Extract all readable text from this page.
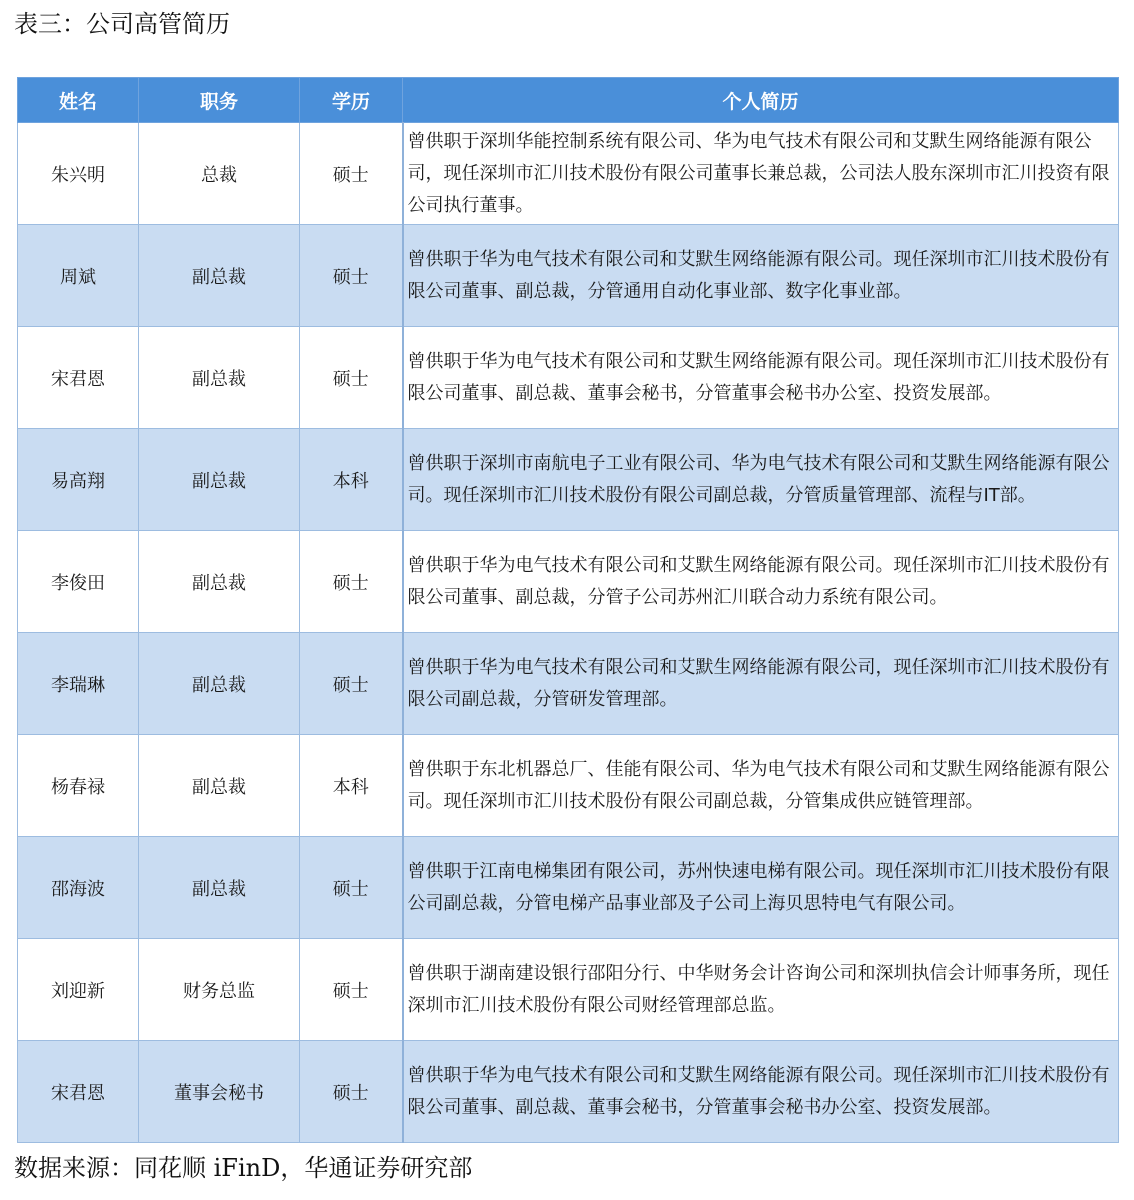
表三：公司高管简历
姓名	职务	学历	个人简历
朱兴明	总裁	硕士	曾供职于深圳华能控制系统有限公司、华为电气技术有限公司和艾默生网络能源有限公司，现任深圳市汇川技术股份有限公司董事长兼总裁，公司法人股东深圳市汇川投资有限公司执行董事。
周斌	副总裁	硕士	曾供职于华为电气技术有限公司和艾默生网络能源有限公司。现任深圳市汇川技术股份有限公司董事、副总裁，分管通用自动化事业部、数字化事业部。
宋君恩	副总裁	硕士	曾供职于华为电气技术有限公司和艾默生网络能源有限公司。现任深圳市汇川技术股份有限公司董事、副总裁、董事会秘书，分管董事会秘书办公室、投资发展部。
易高翔	副总裁	本科	曾供职于深圳市南航电子工业有限公司、华为电气技术有限公司和艾默生网络能源有限公司。现任深圳市汇川技术股份有限公司副总裁，分管质量管理部、流程与IT部。
李俊田	副总裁	硕士	曾供职于华为电气技术有限公司和艾默生网络能源有限公司。现任深圳市汇川技术股份有限公司董事、副总裁，分管子公司苏州汇川联合动力系统有限公司。
李瑞琳	副总裁	硕士	曾供职于华为电气技术有限公司和艾默生网络能源有限公司，现任深圳市汇川技术股份有限公司副总裁，分管研发管理部。
杨春禄	副总裁	本科	曾供职于东北机器总厂、佳能有限公司、华为电气技术有限公司和艾默生网络能源有限公司。现任深圳市汇川技术股份有限公司副总裁，分管集成供应链管理部。
邵海波	副总裁	硕士	曾供职于江南电梯集团有限公司，苏州快速电梯有限公司。现任深圳市汇川技术股份有限公司副总裁，分管电梯产品事业部及子公司上海贝思特电气有限公司。
刘迎新	财务总监	硕士	曾供职于湖南建设银行邵阳分行、中华财务会计咨询公司和深圳执信会计师事务所，现任深圳市汇川技术股份有限公司财经管理部总监。
宋君恩	董事会秘书	硕士	曾供职于华为电气技术有限公司和艾默生网络能源有限公司。现任深圳市汇川技术股份有限公司董事、副总裁、董事会秘书，分管董事会秘书办公室、投资发展部。
数据来源：同花顺 iFinD，华通证券研究部
